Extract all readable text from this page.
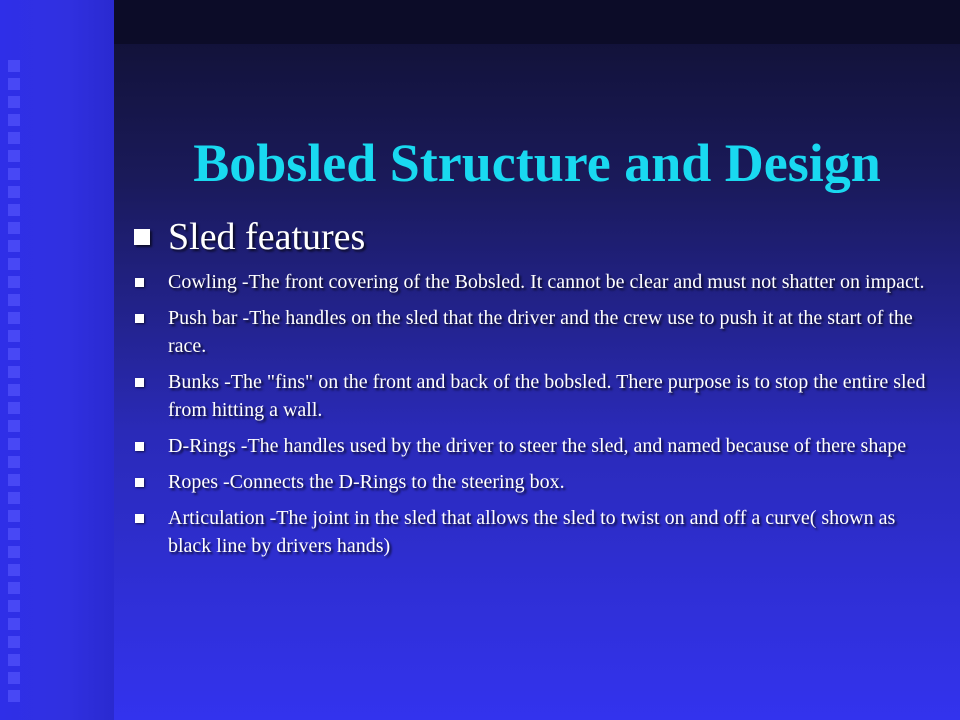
Bobsled Structure and Design
Sled features
Cowling -The front covering of the Bobsled. It cannot be clear and must not shatter on impact.
Push bar -The handles on the sled that the driver and the crew use to push it at the start of the race.
Bunks -The "fins" on the front and back of the bobsled. There purpose is to stop the entire sled from hitting a wall.
D-Rings -The handles used by the driver to steer the sled, and named because of there shape
Ropes -Connects the D-Rings to the steering box.
Articulation -The joint in the sled that allows the sled to twist on and off a curve( shown as black line by drivers hands)
